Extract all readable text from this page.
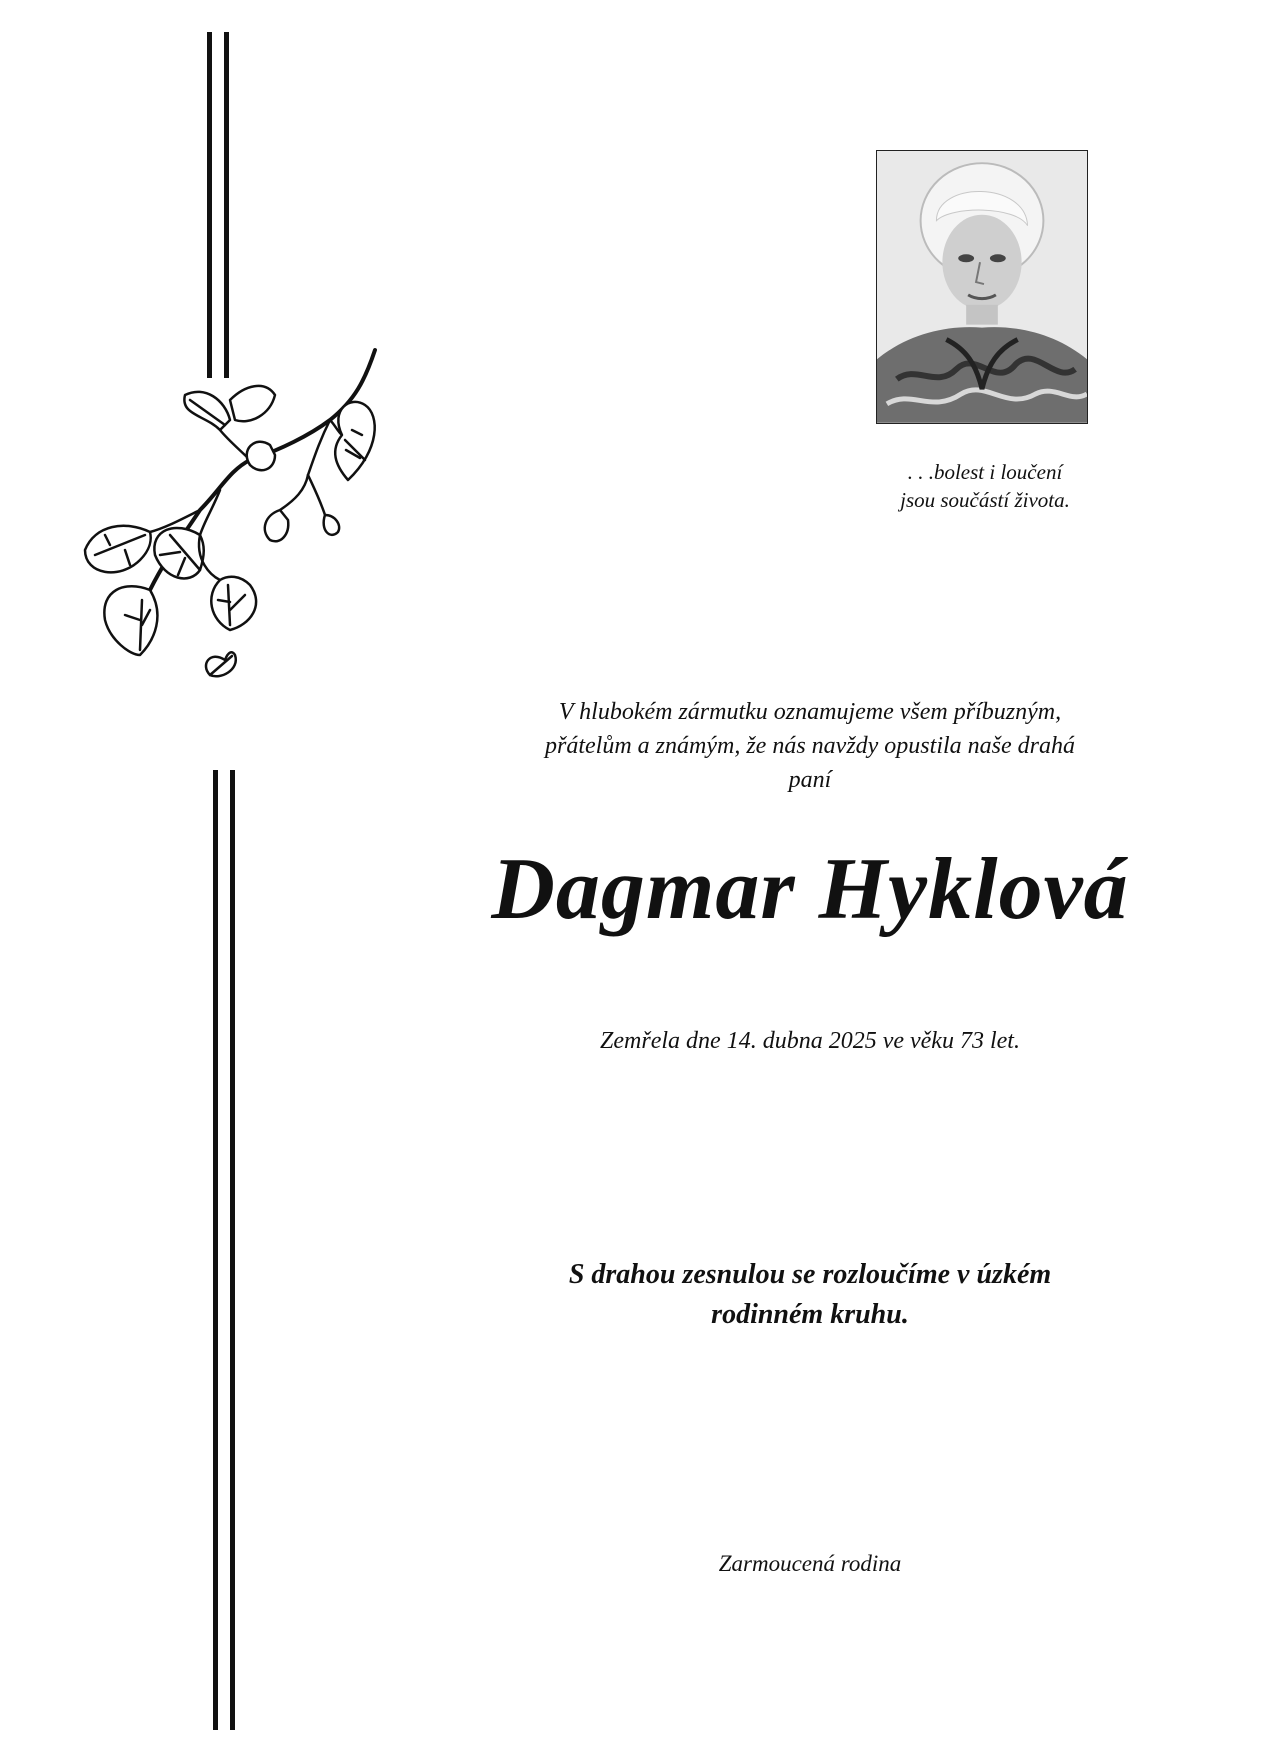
. . .bolest i loučení
jsou součástí života.
V hlubokém zármutku oznamujeme všem příbuzným,
přátelům a známým, že nás navždy opustila naše drahá
paní
Dagmar Hyklová
Zemřela dne 14. dubna 2025 ve věku 73 let.
S drahou zesnulou se rozloučíme v úzkém
rodinném kruhu.
Zarmoucená rodina
